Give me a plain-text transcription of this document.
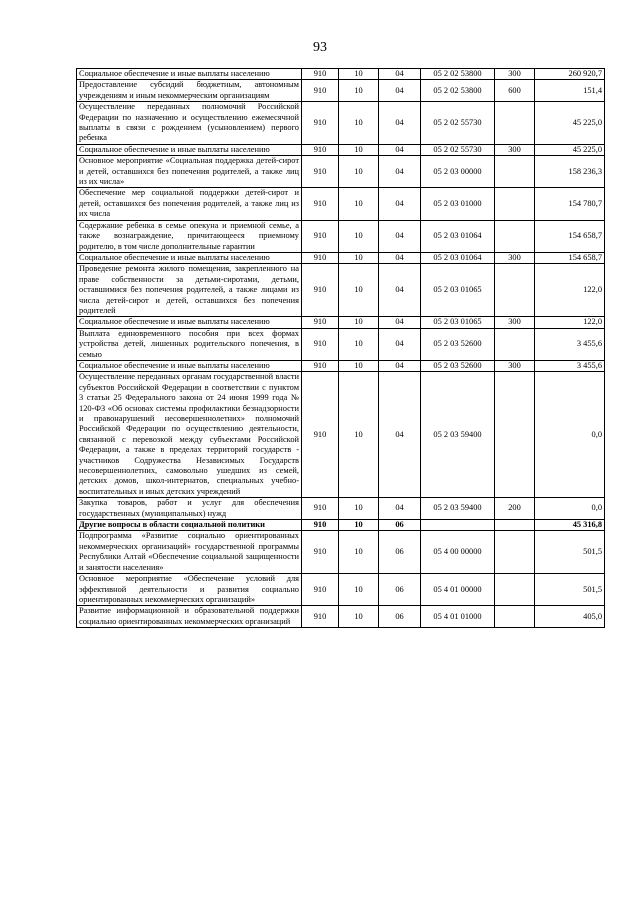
93
Социальное обеспечение и иные выплаты населению	910	10	04	05 2 02 53800	300	260 920,7
Предоставление субсидий бюджетным, автономным учреждениям и иным некоммерческим организациям	910	10	04	05 2 02 53800	600	151,4
Осуществление переданных полномочий Российской Федерации по назначению и осуществлению ежемесячной выплаты в связи с рождением (усыновлением) первого ребенка	910	10	04	05 2 02 55730		45 225,0
Социальное обеспечение и иные выплаты населению	910	10	04	05 2 02 55730	300	45 225,0
Основное мероприятие «Социальная поддержка детей-сирот и детей, оставшихся без попечения родителей, а также лиц из их числа»	910	10	04	05 2 03 00000		158 236,3
Обеспечение мер социальной поддержки детей-сирот и детей, оставшихся без попечения родителей, а также лиц из их числа	910	10	04	05 2 03 01000		154 780,7
Содержание ребенка в семье опекуна и приемной семье, а также вознаграждение, причитающееся приемному родителю, в том числе дополнительные гарантии	910	10	04	05 2 03 01064		154 658,7
Социальное обеспечение и иные выплаты населению	910	10	04	05 2 03 01064	300	154 658,7
Проведение ремонта жилого помещения, закрепленного на праве собственности за детьми-сиротами, детьми, оставшимися без попечения родителей, а также лицами из числа детей-сирот и детей, оставшихся без попечения родителей	910	10	04	05 2 03 01065		122,0
Социальное обеспечение и иные выплаты населению	910	10	04	05 2 03 01065	300	122,0
Выплата единовременного пособия при всех формах устройства детей, лишенных родительского попечения, в семью	910	10	04	05 2 03 52600		3 455,6
Социальное обеспечение и иные выплаты населению	910	10	04	05 2 03 52600	300	3 455,6
Осуществление переданных органам государственной власти субъектов Российской Федерации в соответствии с пунктом 3 статьи 25 Федерального закона от 24 июня 1999 года № 120-ФЗ «Об основах системы профилактики безнадзорности и правонарушений несовершеннолетних» полномочий Российской Федерации по осуществлению деятельности, связанной с перевозкой между субъектами Российской Федерации, а также в пределах территорий государств - участников Содружества Независимых Государств несовершеннолетних, самовольно ушедших из семей, детских домов, школ-интернатов, специальных учебно-воспитательных и иных детских учреждений	910	10	04	05 2 03 59400		0,0
Закупка товаров, работ и услуг для обеспечения государственных (муниципальных) нужд	910	10	04	05 2 03 59400	200	0,0
Другие вопросы в области социальной политики	910	10	06			45 316,8
Подпрограмма «Развитие социально ориентированных некоммерческих организаций» государственной программы Республики Алтай «Обеспечение социальной защищенности и занятости населения»	910	10	06	05 4 00 00000		501,5
Основное мероприятие «Обеспечение условий для эффективной деятельности и развития социально ориентированных некоммерческих организаций»	910	10	06	05 4 01 00000		501,5
Развитие информационной и образовательной поддержки социально ориентированных некоммерческих организаций	910	10	06	05 4 01 01000		405,0
